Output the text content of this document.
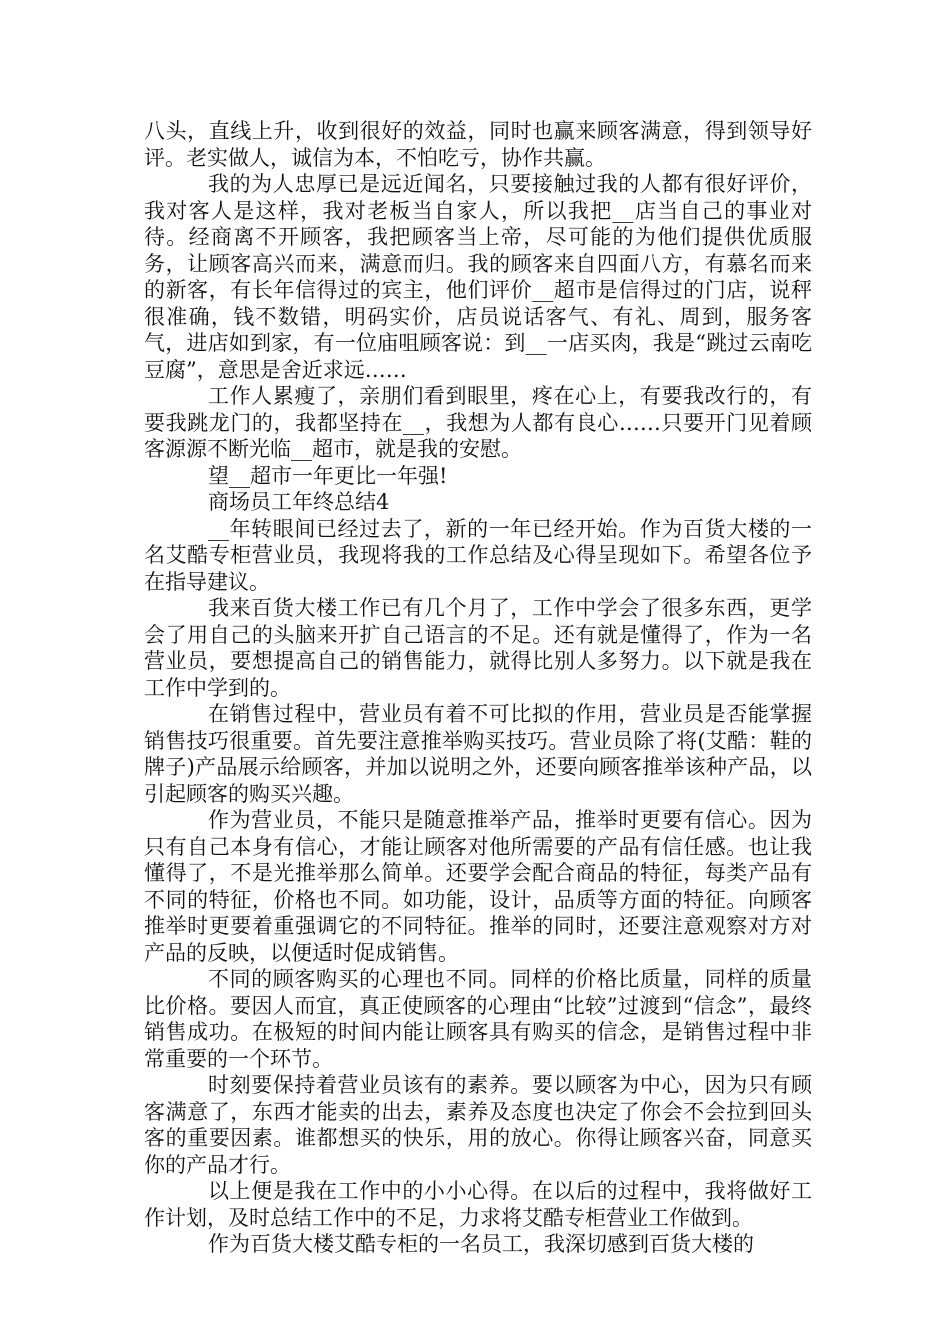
八头，直线上升，收到很好的效益，同时也赢来顾客满意，得到领导好评。老实做人，诚信为本，不怕吃亏，协作共赢。

我的为人忠厚已是远近闻名，只要接触过我的人都有很好评价，我对客人是这样，我对老板当自家人，所以我把__店当自己的事业对待。经商离不开顾客，我把顾客当上帝，尽可能的为他们提供优质服务，让顾客高兴而来，满意而归。我的顾客来自四面八方，有慕名而来的新客，有长年信得过的宾主，他们评价__超市是信得过的门店，说秤很准确，钱不数错，明码实价，店员说话客气、有礼、周到，服务客气，进店如到家，有一位庙咀顾客说：到__一店买肉，我是“跳过云南吃豆腐”，意思是舍近求远……

工作人累瘦了，亲朋们看到眼里，疼在心上，有要我改行的，有要我跳龙门的，我都坚持在__，我想为人都有良心……只要开门见着顾客源源不断光临__超市，就是我的安慰。

望__超市一年更比一年强!

商场员工年终总结4

__年转眼间已经过去了，新的一年已经开始。作为百货大楼的一名艾酷专柜营业员，我现将我的工作总结及心得呈现如下。希望各位予在指导建议。

我来百货大楼工作已有几个月了，工作中学会了很多东西，更学会了用自己的头脑来开扩自己语言的不足。还有就是懂得了，作为一名营业员，要想提高自己的销售能力，就得比别人多努力。以下就是我在工作中学到的。

在销售过程中，营业员有着不可比拟的作用，营业员是否能掌握销售技巧很重要。首先要注意推举购买技巧。营业员除了将(艾酷：鞋的牌子)产品展示给顾客，并加以说明之外，还要向顾客推举该种产品，以引起顾客的购买兴趣。

作为营业员，不能只是随意推举产品，推举时更要有信心。因为只有自己本身有信心，才能让顾客对他所需要的产品有信任感。也让我懂得了，不是光推举那么简单。还要学会配合商品的特征，每类产品有不同的特征，价格也不同。如功能，设计，品质等方面的特征。向顾客推举时更要着重强调它的不同特征。推举的同时，还要注意观察对方对产品的反映，以便适时促成销售。

不同的顾客购买的心理也不同。同样的价格比质量，同样的质量比价格。要因人而宜，真正使顾客的心理由“比较”过渡到“信念”，最终销售成功。在极短的时间内能让顾客具有购买的信念，是销售过程中非常重要的一个环节。

时刻要保持着营业员该有的素养。要以顾客为中心，因为只有顾客满意了，东西才能卖的出去，素养及态度也决定了你会不会拉到回头客的重要因素。谁都想买的快乐，用的放心。你得让顾客兴奋，同意买你的产品才行。

以上便是我在工作中的小小心得。在以后的过程中，我将做好工作计划，及时总结工作中的不足，力求将艾酷专柜营业工作做到。

作为百货大楼艾酷专柜的一名员工，我深切感到百货大楼的
